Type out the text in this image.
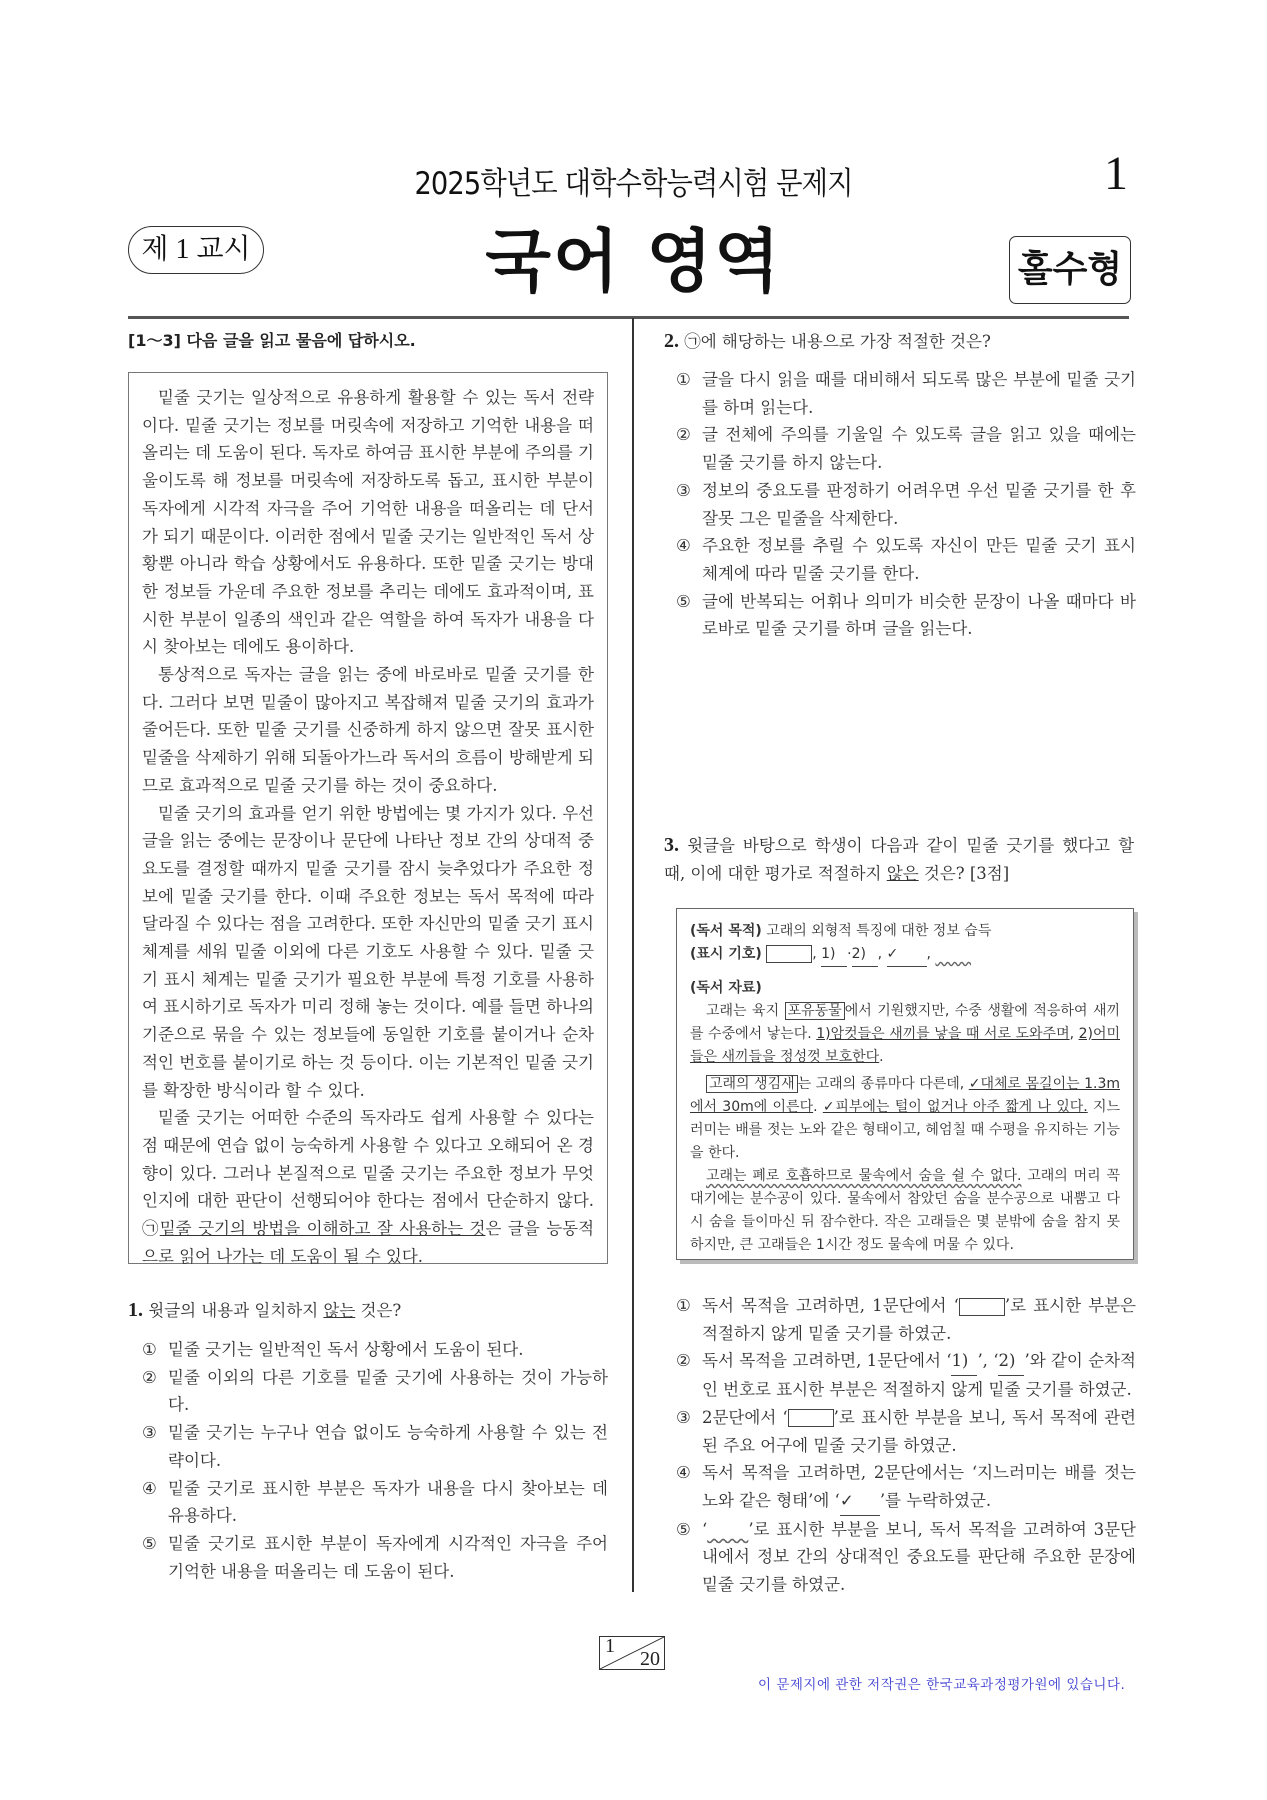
2025학년도 대학수학능력시험 문제지	1
제 1 교시	국어 영역	홀수형
[1～3] 다음 글을 읽고 물음에 답하시오.

밑줄 긋기는 일상적으로 유용하게 활용할 수 있는 독서 전략이다. 밑줄 긋기는 정보를 머릿속에 저장하고 기억한 내용을 떠올리는 데 도움이 된다. 독자로 하여금 표시한 부분에 주의를 기울이도록 해 정보를 머릿속에 저장하도록 돕고, 표시한 부분이 독자에게 시각적 자극을 주어 기억한 내용을 떠올리는 데 단서가 되기 때문이다. 이러한 점에서 밑줄 긋기는 일반적인 독서 상황뿐 아니라 학습 상황에서도 유용하다. 또한 밑줄 긋기는 방대한 정보들 가운데 주요한 정보를 추리는 데에도 효과적이며, 표시한 부분이 일종의 색인과 같은 역할을 하여 독자가 내용을 다시 찾아보는 데에도 용이하다.

통상적으로 독자는 글을 읽는 중에 바로바로 밑줄 긋기를 한다. 그러다 보면 밑줄이 많아지고 복잡해져 밑줄 긋기의 효과가 줄어든다. 또한 밑줄 긋기를 신중하게 하지 않으면 잘못 표시한 밑줄을 삭제하기 위해 되돌아가느라 독서의 흐름이 방해받게 되므로 효과적으로 밑줄 긋기를 하는 것이 중요하다.

밑줄 긋기의 효과를 얻기 위한 방법에는 몇 가지가 있다. 우선 글을 읽는 중에는 문장이나 문단에 나타난 정보 간의 상대적 중요도를 결정할 때까지 밑줄 긋기를 잠시 늦추었다가 주요한 정보에 밑줄 긋기를 한다. 이때 주요한 정보는 독서 목적에 따라 달라질 수 있다는 점을 고려한다. 또한 자신만의 밑줄 긋기 표시 체계를 세워 밑줄 이외에 다른 기호도 사용할 수 있다. 밑줄 긋기 표시 체계는 밑줄 긋기가 필요한 부분에 특정 기호를 사용하여 표시하기로 독자가 미리 정해 놓는 것이다. 예를 들면 하나의 기준으로 묶을 수 있는 정보들에 동일한 기호를 붙이거나 순차적인 번호를 붙이기로 하는 것 등이다. 이는 기본적인 밑줄 긋기를 확장한 방식이라 할 수 있다.

밑줄 긋기는 어떠한 수준의 독자라도 쉽게 사용할 수 있다는 점 때문에 연습 없이 능숙하게 사용할 수 있다고 오해되어 온 경향이 있다. 그러나 본질적으로 밑줄 긋기는 주요한 정보가 무엇인지에 대한 판단이 선행되어야 한다는 점에서 단순하지 않다. ㉠밑줄 긋기의 방법을 이해하고 잘 사용하는 것은 글을 능동적으로 읽어 나가는 데 도움이 될 수 있다.

1. 윗글의 내용과 일치하지 않는 것은?
① 밑줄 긋기는 일반적인 독서 상황에서 도움이 된다.
② 밑줄 이외의 다른 기호를 밑줄 긋기에 사용하는 것이 가능하다.
③ 밑줄 긋기는 누구나 연습 없이도 능숙하게 사용할 수 있는 전략이다.
④ 밑줄 긋기로 표시한 부분은 독자가 내용을 다시 찾아보는 데 유용하다.
⑤ 밑줄 긋기로 표시한 부분이 독자에게 시각적인 자극을 주어 기억한 내용을 떠올리는 데 도움이 된다.
2. ㉠에 해당하는 내용으로 가장 적절한 것은?
① 글을 다시 읽을 때를 대비해서 되도록 많은 부분에 밑줄 긋기를 하며 읽는다.
② 글 전체에 주의를 기울일 수 있도록 글을 읽고 있을 때에는 밑줄 긋기를 하지 않는다.
③ 정보의 중요도를 판정하기 어려우면 우선 밑줄 긋기를 한 후 잘못 그은 밑줄을 삭제한다.
④ 주요한 정보를 추릴 수 있도록 자신이 만든 밑줄 긋기 표시 체계에 따라 밑줄 긋기를 한다.
⑤ 글에 반복되는 어휘나 의미가 비슷한 문장이 나올 때마다 바로바로 밑줄 긋기를 하며 글을 읽는다.
3. 윗글을 바탕으로 학생이 다음과 같이 밑줄 긋기를 했다고 할 때, 이에 대한 평가로 적절하지 않은 것은? [3점]

(독서 목적) 고래의 외형적 특징에 대한 정보 습득

(표시 기호)	, 1) ·2) , ✓ ,

(독서 자료)

고래는 육지 포유동물 에서 기원했지만, 수중 생활에 적응하여 새끼를 수중에서 낳는다. 1)암컷들은 새끼를 낳을 때 서로 도와주며, 2)어미들은 새끼들을 정성껏 보호한다.

고래의 생김새 는 고래의 종류마다 다른데, ✓대체로 몸길이는 1.3m에서 30m에 이른다. ✓피부에는 털이 없거나 아주 짧게 나 있다. 지느러미는 배를 젓는 노와 같은 형태이고, 헤엄칠 때 수평을 유지하는 기능을 한다.

고래는 폐로 호흡하므로 물속에서 숨을 쉴 수 없다. 고래의 머리 꼭대기에는 분수공이 있다. 물속에서 참았던 숨을 분수공으로 내뿜고 다시 숨을 들이마신 뒤 잠수한다. 작은 고래들은 몇 분밖에 숨을 참지 못하지만, 큰 고래들은 1시간 정도 물속에 머물 수 있다.

① 독서 목적을 고려하면, 1문단에서 ‘	’로 표시한 부분은 적절하지 않게 밑줄 긋기를 하였군.
② 독서 목적을 고려하면, 1문단에서 ‘1) ’, ‘2) ’와 같이 순차적인 번호로 표시한 부분은 적절하지 않게 밑줄 긋기를 하였군.
③ 2문단에서 ‘	’로 표시한 부분을 보니, 독서 목적에 관련된 주요 어구에 밑줄 긋기를 하였군.
④ 독서 목적을 고려하면, 2문단에서는 ‘지느러미는 배를 젓는 노와 같은 형태’에 ‘✓ ’를 누락하였군.
⑤ ‘ ’로 표시한 부분을 보니, 독서 목적을 고려하여 3문단 내에서 정보 간의 상대적인 중요도를 판단해 주요한 문장에 밑줄 긋기를 하였군.
1
20
이 문제지에 관한 저작권은 한국교육과정평가원에 있습니다.
